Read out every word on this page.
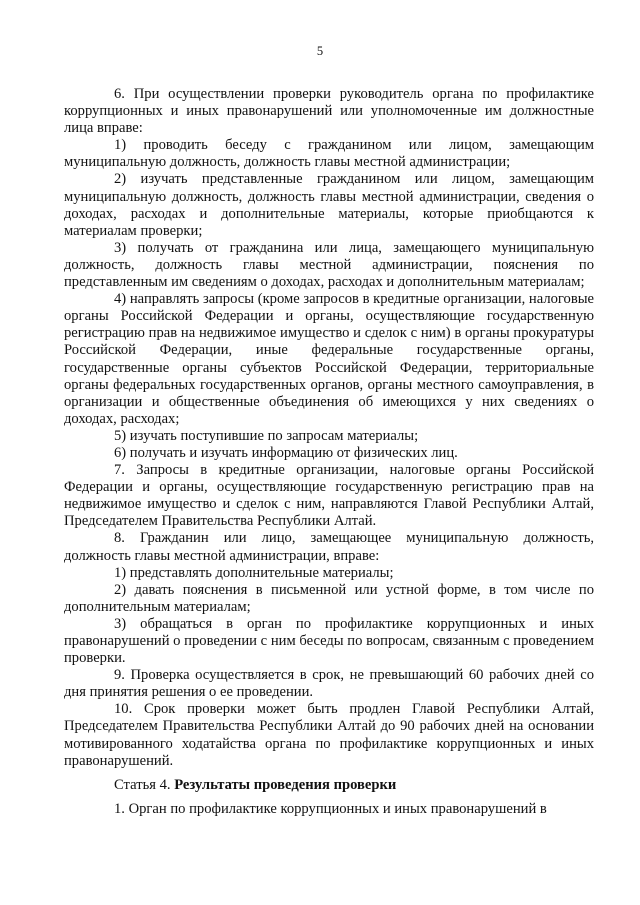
5

6. При осуществлении проверки руководитель органа по профилактике коррупционных и иных правонарушений или уполномоченные им должностные лица вправе:

1) проводить беседу с гражданином или лицом, замещающим муниципальную должность, должность главы местной администрации;

2) изучать представленные гражданином или лицом, замещающим муниципальную должность, должность главы местной администрации, сведения о доходах, расходах и дополнительные материалы, которые приобщаются к материалам проверки;

3) получать от гражданина или лица, замещающего муниципальную должность, должность главы местной администрации, пояснения по представленным им сведениям о доходах, расходах и дополнительным материалам;

4) направлять запросы (кроме запросов в кредитные организации, налоговые органы Российской Федерации и органы, осуществляющие государственную регистрацию прав на недвижимое имущество и сделок с ним) в органы прокуратуры Российской Федерации, иные федеральные государственные органы, государственные органы субъектов Российской Федерации, территориальные органы федеральных государственных органов, органы местного самоуправления, в организации и общественные объединения об имеющихся у них сведениях о доходах, расходах;

5) изучать поступившие по запросам материалы;

6) получать и изучать информацию от физических лиц.

7. Запросы в кредитные организации, налоговые органы Российской Федерации и органы, осуществляющие государственную регистрацию прав на недвижимое имущество и сделок с ним, направляются Главой Республики Алтай, Председателем Правительства Республики Алтай.

8. Гражданин или лицо, замещающее муниципальную должность, должность главы местной администрации, вправе:

1) представлять дополнительные материалы;

2) давать пояснения в письменной или устной форме, в том числе по дополнительным материалам;

3) обращаться в орган по профилактике коррупционных и иных правонарушений о проведении с ним беседы по вопросам, связанным с проведением проверки.

9. Проверка осуществляется в срок, не превышающий 60 рабочих дней со дня принятия решения о ее проведении.

10. Срок проверки может быть продлен Главой Республики Алтай, Председателем Правительства Республики Алтай до 90 рабочих дней на основании мотивированного ходатайства органа по профилактике коррупционных и иных правонарушений.

Статья 4. Результаты проведения проверки

1. Орган по профилактике коррупционных и иных правонарушений в
